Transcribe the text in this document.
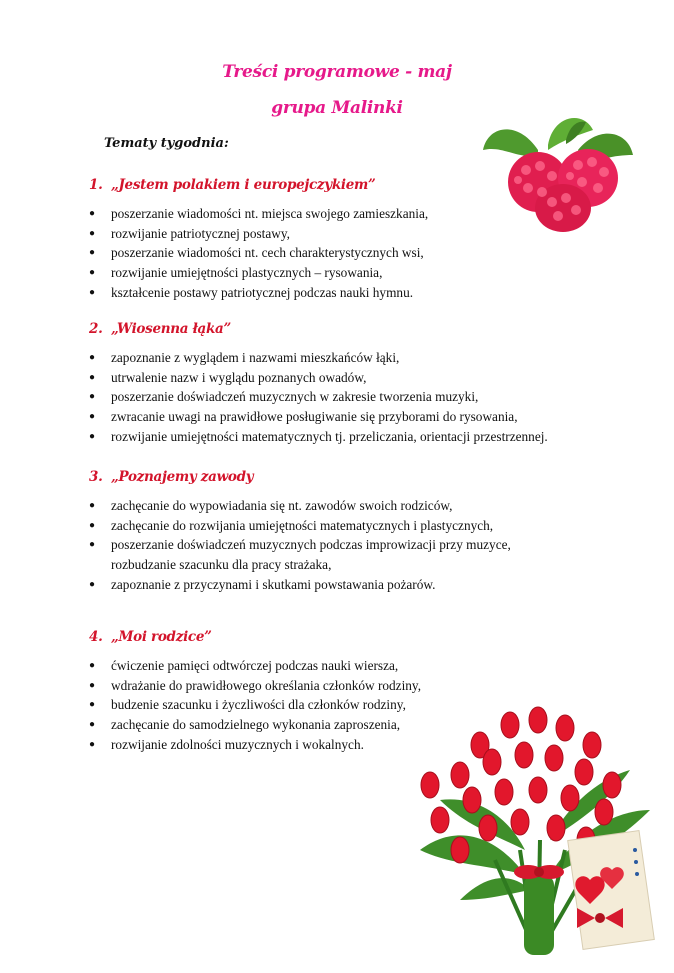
Treści programowe - maj
grupa Malinki
Tematy tygodnia:
1. „Jestem polakiem i europejczykiem”
● poszerzanie wiadomości nt. miejsca swojego zamieszkania,
● rozwijanie patriotycznej postawy,
● poszerzanie wiadomości nt. cech charakterystycznych wsi,
● rozwijanie umiejętności plastycznych – rysowania,
● kształcenie postawy patriotycznej podczas nauki hymnu.
2. „Wiosenna łąka”
● zapoznanie z wyglądem i nazwami mieszkańców łąki,
● utrwalenie nazw i wyglądu poznanych owadów,
● poszerzanie doświadczeń muzycznych w zakresie tworzenia muzyki,
● zwracanie uwagi na prawidłowe posługiwanie się przyborami do rysowania,
● rozwijanie umiejętności matematycznych tj. przeliczania, orientacji przestrzennej.
3. „Poznajemy zawody
● zachęcanie do wypowiadania się nt. zawodów swoich rodziców,
● zachęcanie do rozwijania umiejętności matematycznych i plastycznych,
● poszerzanie doświadczeń muzycznych podczas improwizacji przy muzyce,
rozbudzanie szacunku dla pracy strażaka,
● zapoznanie z przyczynami i skutkami powstawania pożarów.
4. „Moi rodzice”
● ćwiczenie pamięci odtwórczej podczas nauki wiersza,
● wdrażanie do prawidłowego określania członków rodziny,
● budzenie szacunku i życzliwości dla członków rodziny,
● zachęcanie do samodzielnego wykonania zaproszenia,
● rozwijanie zdolności muzycznych i wokalnych.
